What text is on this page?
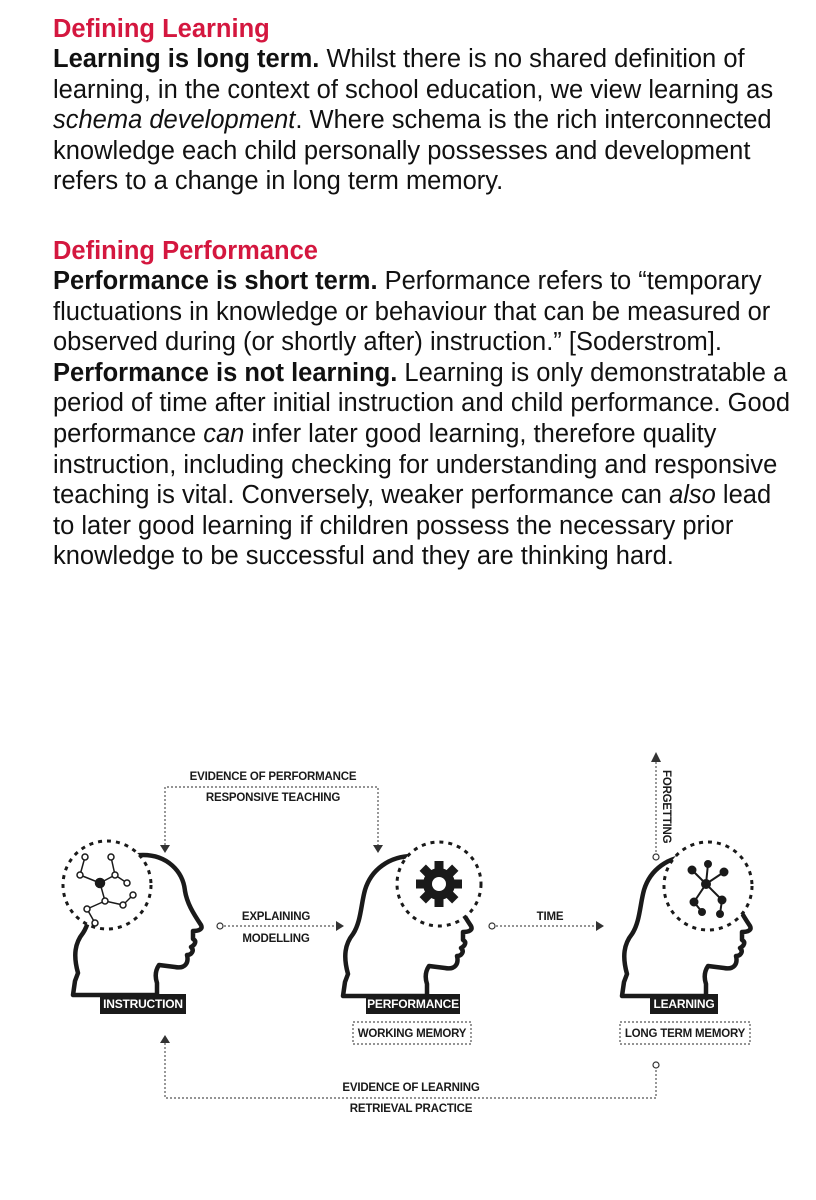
Defining Learning

Learning is long term. Whilst there is no shared definition of learning, in the context of school education, we view learning as schema development. Where schema is the rich interconnected knowledge each child personally possesses and development refers to a change in long term memory.

Defining Performance

Performance is short term. Performance refers to “temporary fluctuations in knowledge or behaviour that can be measured or observed during (or shortly after) instruction.” [Soderstrom]. Performance is not learning. Learning is only demonstratable a period of time after initial instruction and child performance. Good performance can infer later good learning, therefore quality instruction, including checking for understanding and responsive teaching is vital. Conversely, weaker performance can also lead to later good learning if children possess the necessary prior knowledge to be successful and they are thinking hard.

EVIDENCE OF PERFORMANCE
RESPONSIVE TEACHING	FORGETTING
EXPLAINING
MODELLING
TIME
INSTRUCTION	PERFORMANCE	LEARNING
WORKING MEMORY	LONG TERM MEMORY
EVIDENCE OF LEARNING
RETRIEVAL PRACTICE
